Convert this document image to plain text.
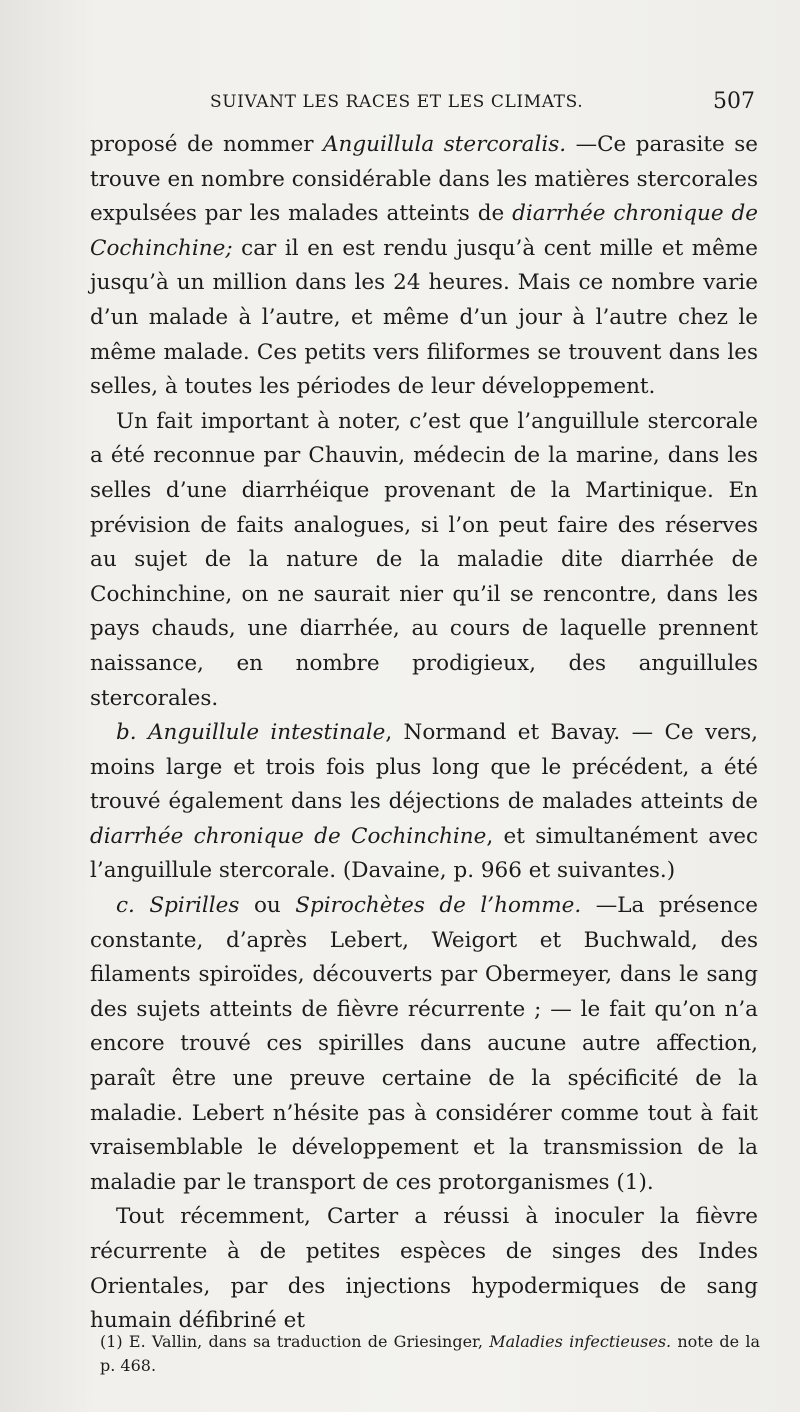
SUIVANT LES RACES ET LES CLIMATS.	507

proposé de nommer Anguillula stercoralis. —Ce parasite se trouve en nombre considérable dans les matières stercorales expulsées par les malades atteints de diarrhée chronique de Cochinchine; car il en est rendu jusqu’à cent mille et même jusqu’à un million dans les 24 heures. Mais ce nombre varie d’un malade à l’autre, et même d’un jour à l’autre chez le même malade. Ces petits vers filiformes se trouvent dans les selles, à toutes les périodes de leur développement.

Un fait important à noter, c’est que l’anguillule stercorale a été reconnue par Chauvin, médecin de la marine, dans les selles d’une diarrhéique provenant de la Martinique. En prévision de faits analogues, si l’on peut faire des réserves au sujet de la nature de la maladie dite diarrhée de Cochinchine, on ne saurait nier qu’il se rencontre, dans les pays chauds, une diarrhée, au cours de laquelle prennent naissance, en nombre prodigieux, des anguillules stercorales.

b. Anguillule intestinale, Normand et Bavay. — Ce vers, moins large et trois fois plus long que le précédent, a été trouvé également dans les déjections de malades atteints de diarrhée chronique de Cochinchine, et simultanément avec l’anguillule stercorale. (Davaine, p. 966 et suivantes.)

c. Spirilles ou Spirochètes de l’homme. —La présence constante, d’après Lebert, Weigort et Buchwald, des filaments spiroïdes, découverts par Obermeyer, dans le sang des sujets atteints de fièvre récurrente ; — le fait qu’on n’a encore trouvé ces spirilles dans aucune autre affection, paraît être une preuve certaine de la spécificité de la maladie. Lebert n’hésite pas à considérer comme tout à fait vraisemblable le développement et la transmission de la maladie par le transport de ces protorganismes (1).

Tout récemment, Carter a réussi à inoculer la fièvre récurrente à de petites espèces de singes des Indes Orientales, par des injections hypodermiques de sang humain défibriné et

(1) E. Vallin, dans sa traduction de Griesinger, Maladies infectieuses. note de la p. 468.
